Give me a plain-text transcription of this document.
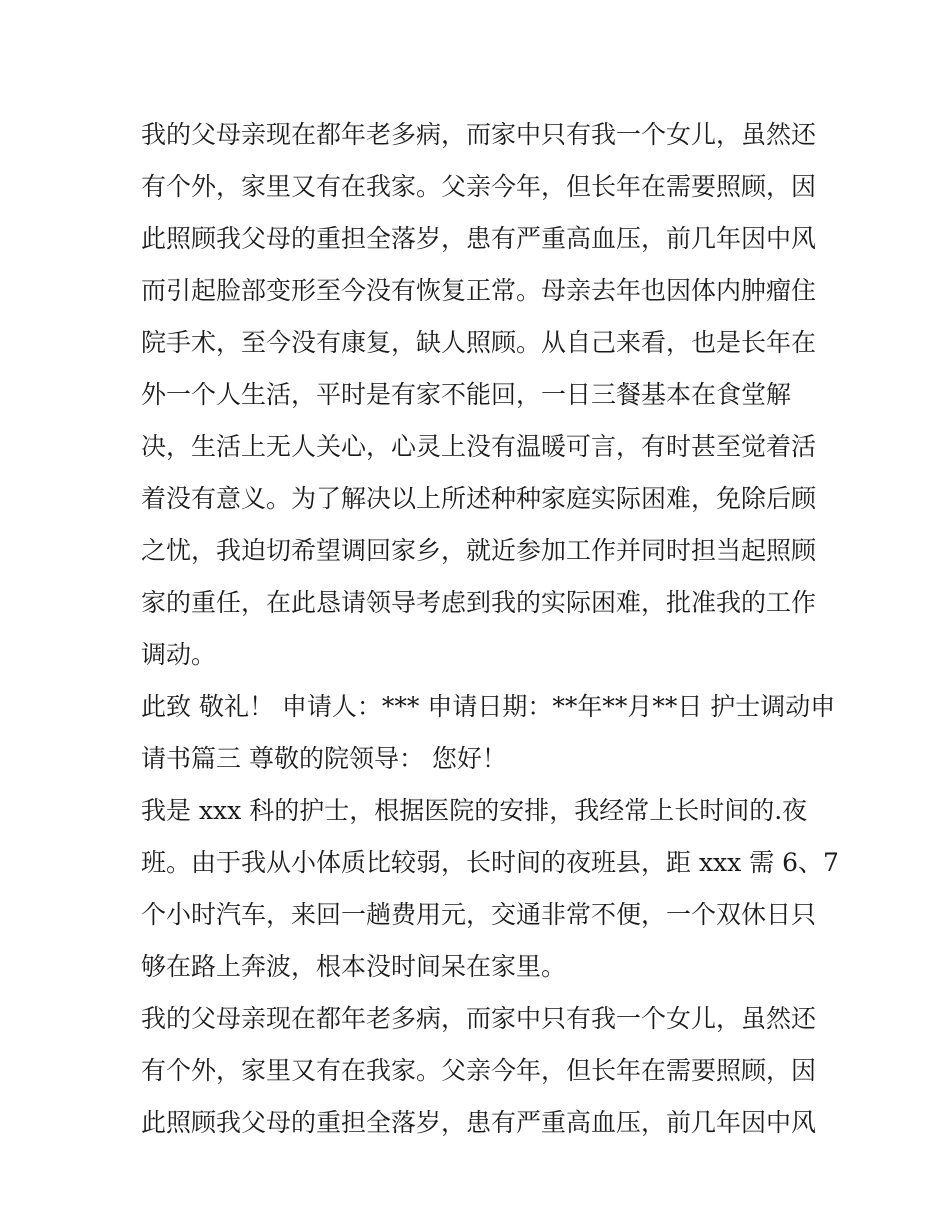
我的父母亲现在都年老多病，而家中只有我一个女儿，虽然还
有个外，家里又有在我家。父亲今年，但长年在需要照顾，因
此照顾我父母的重担全落岁，患有严重高血压，前几年因中风
而引起脸部变形至今没有恢复正常。母亲去年也因体内肿瘤住
院手术，至今没有康复，缺人照顾。从自己来看，也是长年在
外一个人生活，平时是有家不能回，一日三餐基本在食堂解
决，生活上无人关心，心灵上没有温暖可言，有时甚至觉着活
着没有意义。为了解决以上所述种种家庭实际困难，免除后顾
之忧，我迫切希望调回家乡，就近参加工作并同时担当起照顾
家的重任，在此恳请领导考虑到我的实际困难，批准我的工作
调动。
此致 敬礼！ 申请人：*** 申请日期：**年**月**日 护士调动申
请书篇三 尊敬的院领导： 您好！
我是 xxx 科的护士，根据医院的安排，我经常上长时间的.夜
班。由于我从小体质比较弱，长时间的夜班县，距 xxx 需 6、7
个小时汽车，来回一趟费用元，交通非常不便，一个双休日只
够在路上奔波，根本没时间呆在家里。
我的父母亲现在都年老多病，而家中只有我一个女儿，虽然还
有个外，家里又有在我家。父亲今年，但长年在需要照顾，因
此照顾我父母的重担全落岁，患有严重高血压，前几年因中风
